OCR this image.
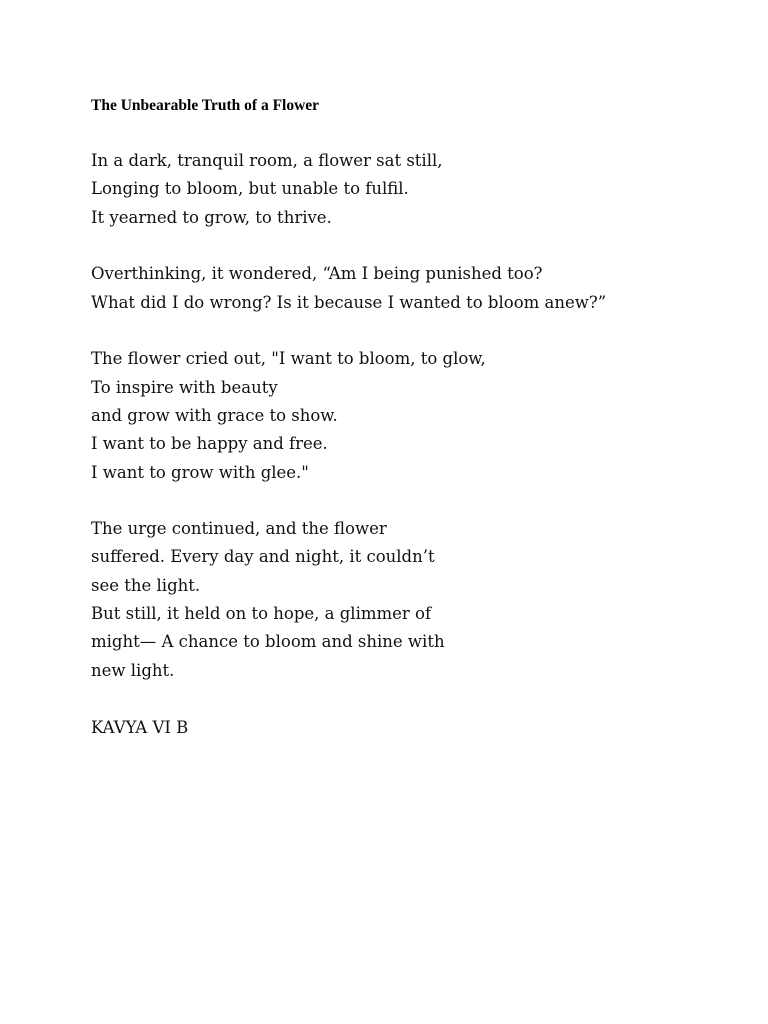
The Unbearable Truth of a Flower
In a dark, tranquil room, a flower sat still,
Longing to bloom, but unable to fulfil.
It yearned to grow, to thrive.
Overthinking, it wondered, “Am I being punished too?
What did I do wrong? Is it because I wanted to bloom anew?”
The flower cried out, "I want to bloom, to glow,
To inspire with beauty
and grow with grace to show.
I want to be happy and free.
I want to grow with glee."
The urge continued, and the flower
suffered. Every day and night, it couldn’t
see the light.
But still, it held on to hope, a glimmer of
might— A chance to bloom and shine with
new light.
KAVYA VI B
